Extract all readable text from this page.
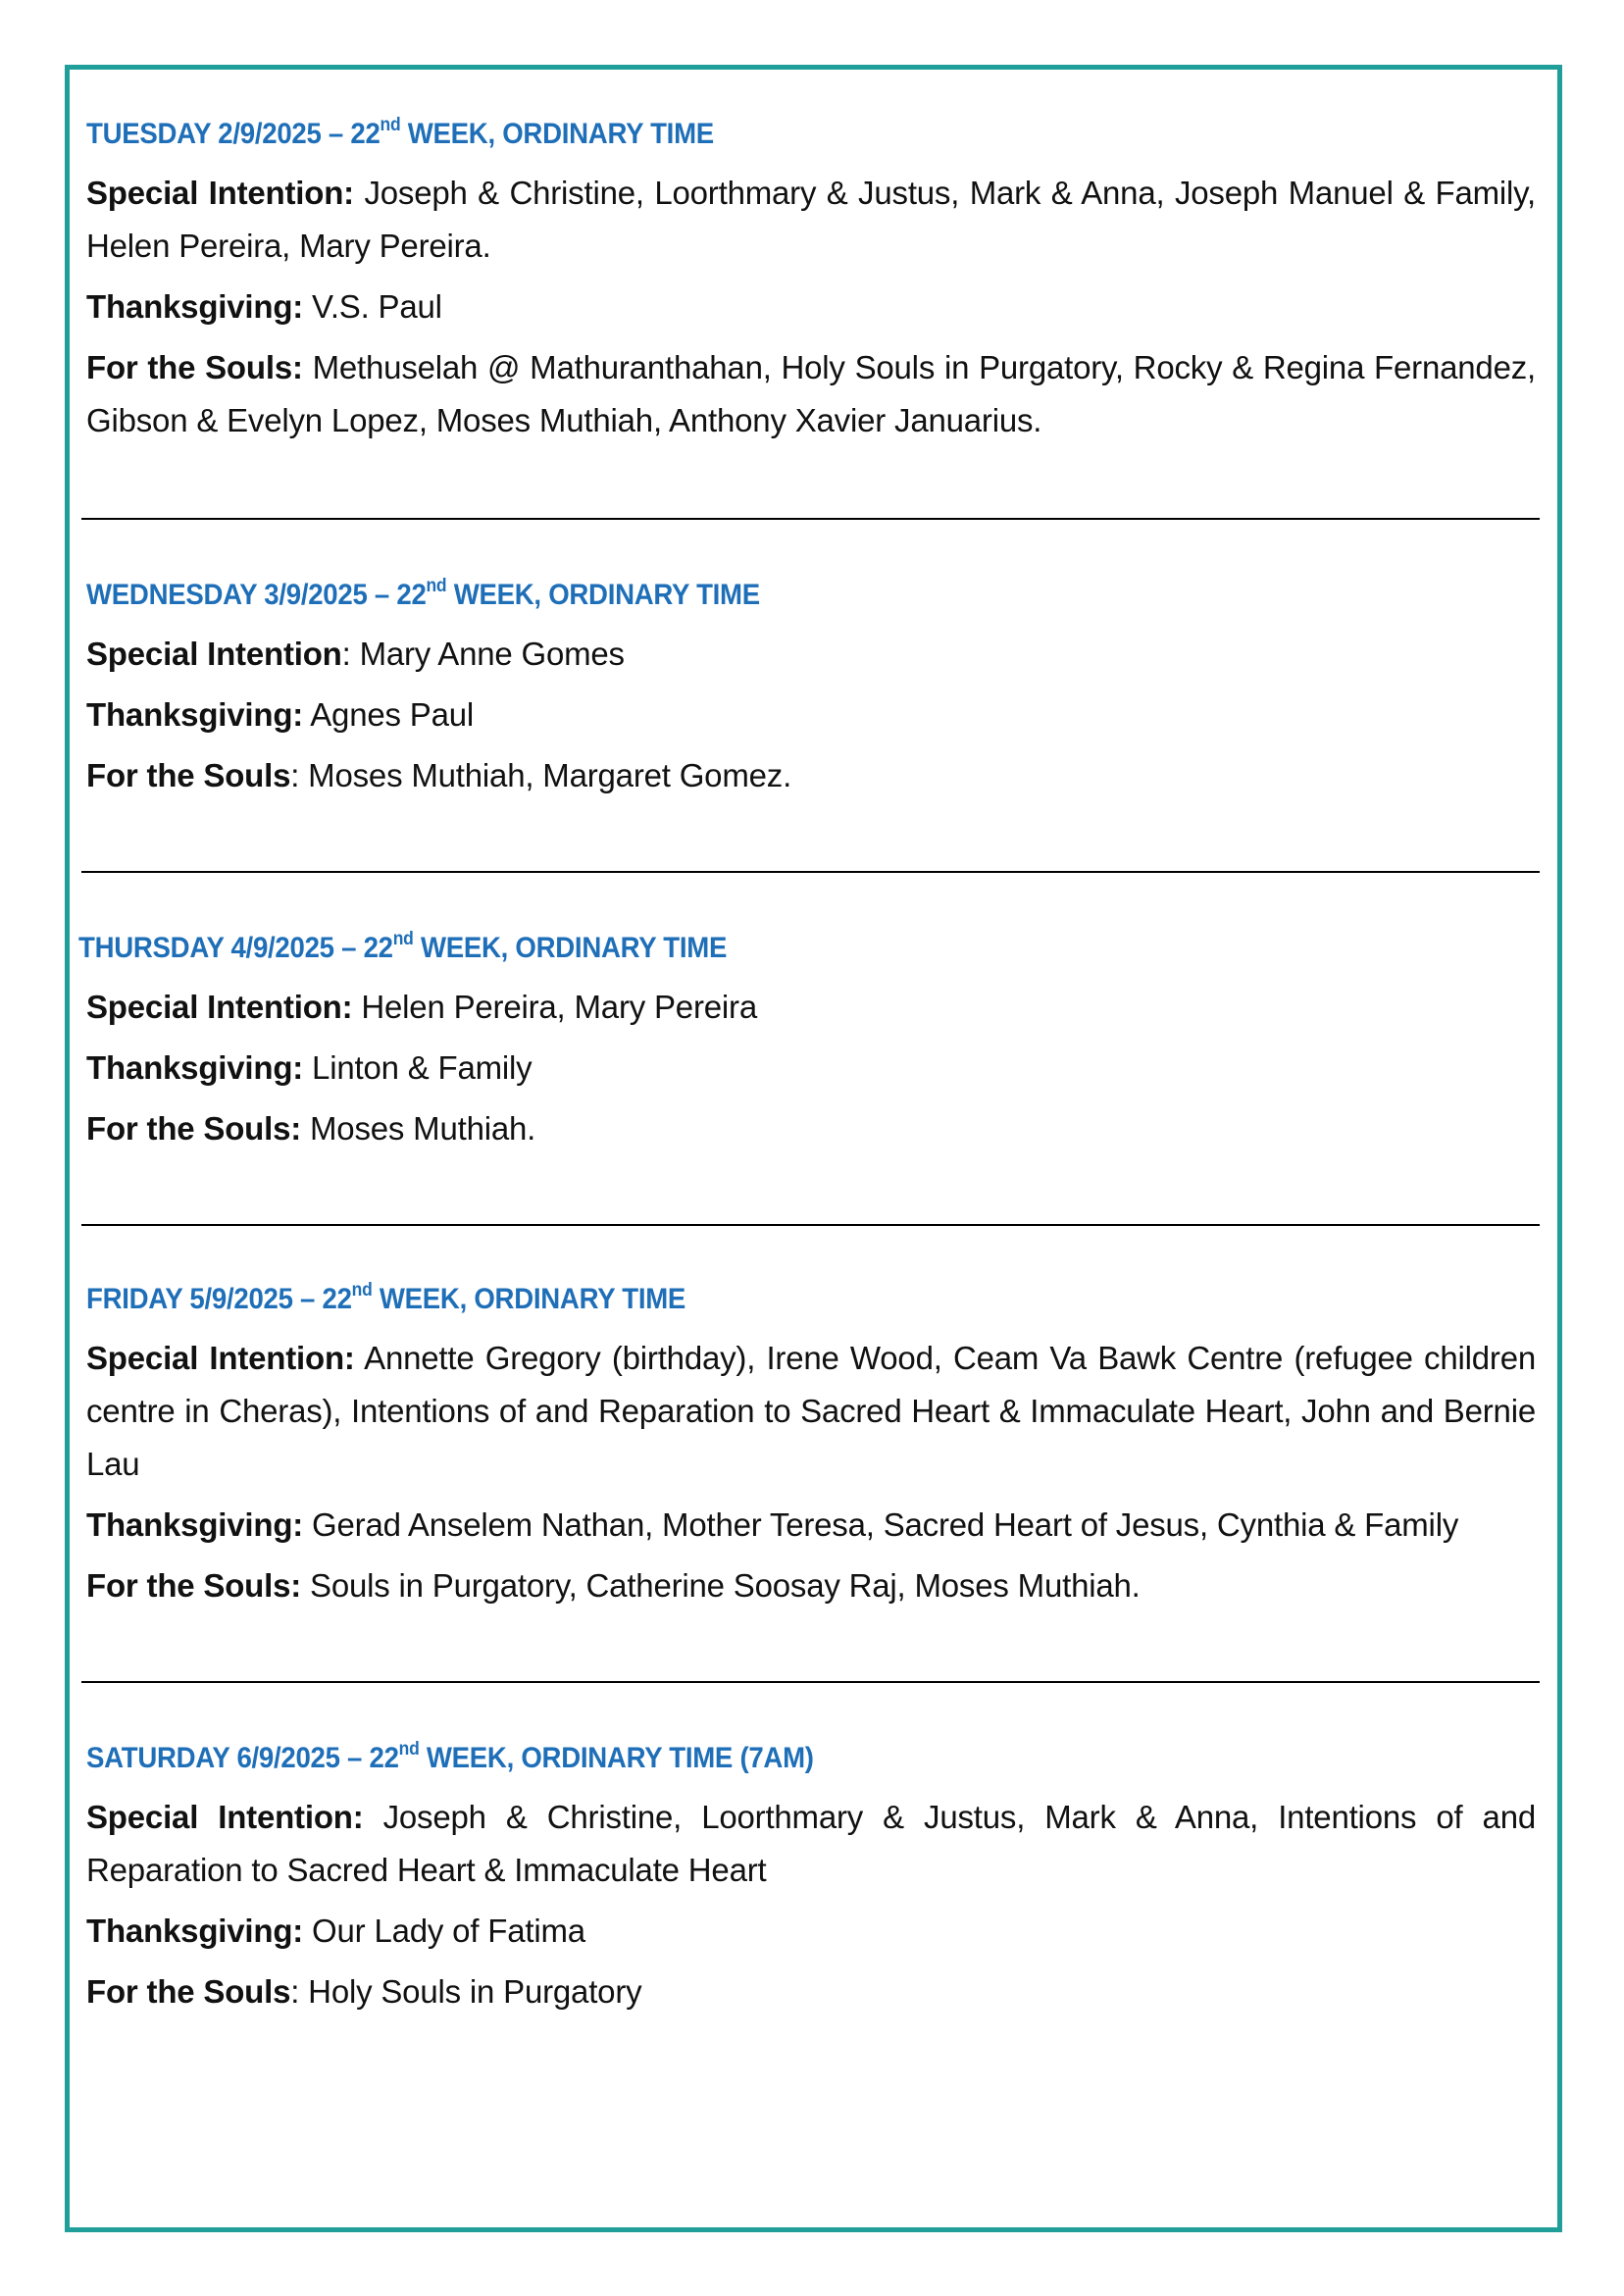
TUESDAY 2/9/2025 – 22nd WEEK, ORDINARY TIME
Special Intention: Joseph & Christine, Loorthmary & Justus, Mark & Anna, Joseph Manuel & Family, Helen Pereira, Mary Pereira.
Thanksgiving: V.S. Paul
For the Souls: Methuselah @ Mathuranthahan, Holy Souls in Purgatory, Rocky & Regina Fernandez, Gibson & Evelyn Lopez, Moses Muthiah, Anthony Xavier Januarius.
WEDNESDAY 3/9/2025 – 22nd WEEK, ORDINARY TIME
Special Intention: Mary Anne Gomes
Thanksgiving: Agnes Paul
For the Souls: Moses Muthiah, Margaret Gomez.
THURSDAY 4/9/2025 – 22nd WEEK, ORDINARY TIME
Special Intention: Helen Pereira, Mary Pereira
Thanksgiving: Linton & Family
For the Souls: Moses Muthiah.
FRIDAY 5/9/2025 – 22nd WEEK, ORDINARY TIME
Special Intention: Annette Gregory (birthday), Irene Wood, Ceam Va Bawk Centre (refugee children centre in Cheras), Intentions of and Reparation to Sacred Heart & Immaculate Heart, John and Bernie Lau
Thanksgiving: Gerad Anselem Nathan, Mother Teresa, Sacred Heart of Jesus, Cynthia & Family
For the Souls: Souls in Purgatory, Catherine Soosay Raj, Moses Muthiah.
SATURDAY 6/9/2025 – 22nd WEEK, ORDINARY TIME (7AM)
Special Intention: Joseph & Christine, Loorthmary & Justus, Mark & Anna, Intentions of and Reparation to Sacred Heart & Immaculate Heart
Thanksgiving: Our Lady of Fatima
For the Souls: Holy Souls in Purgatory
